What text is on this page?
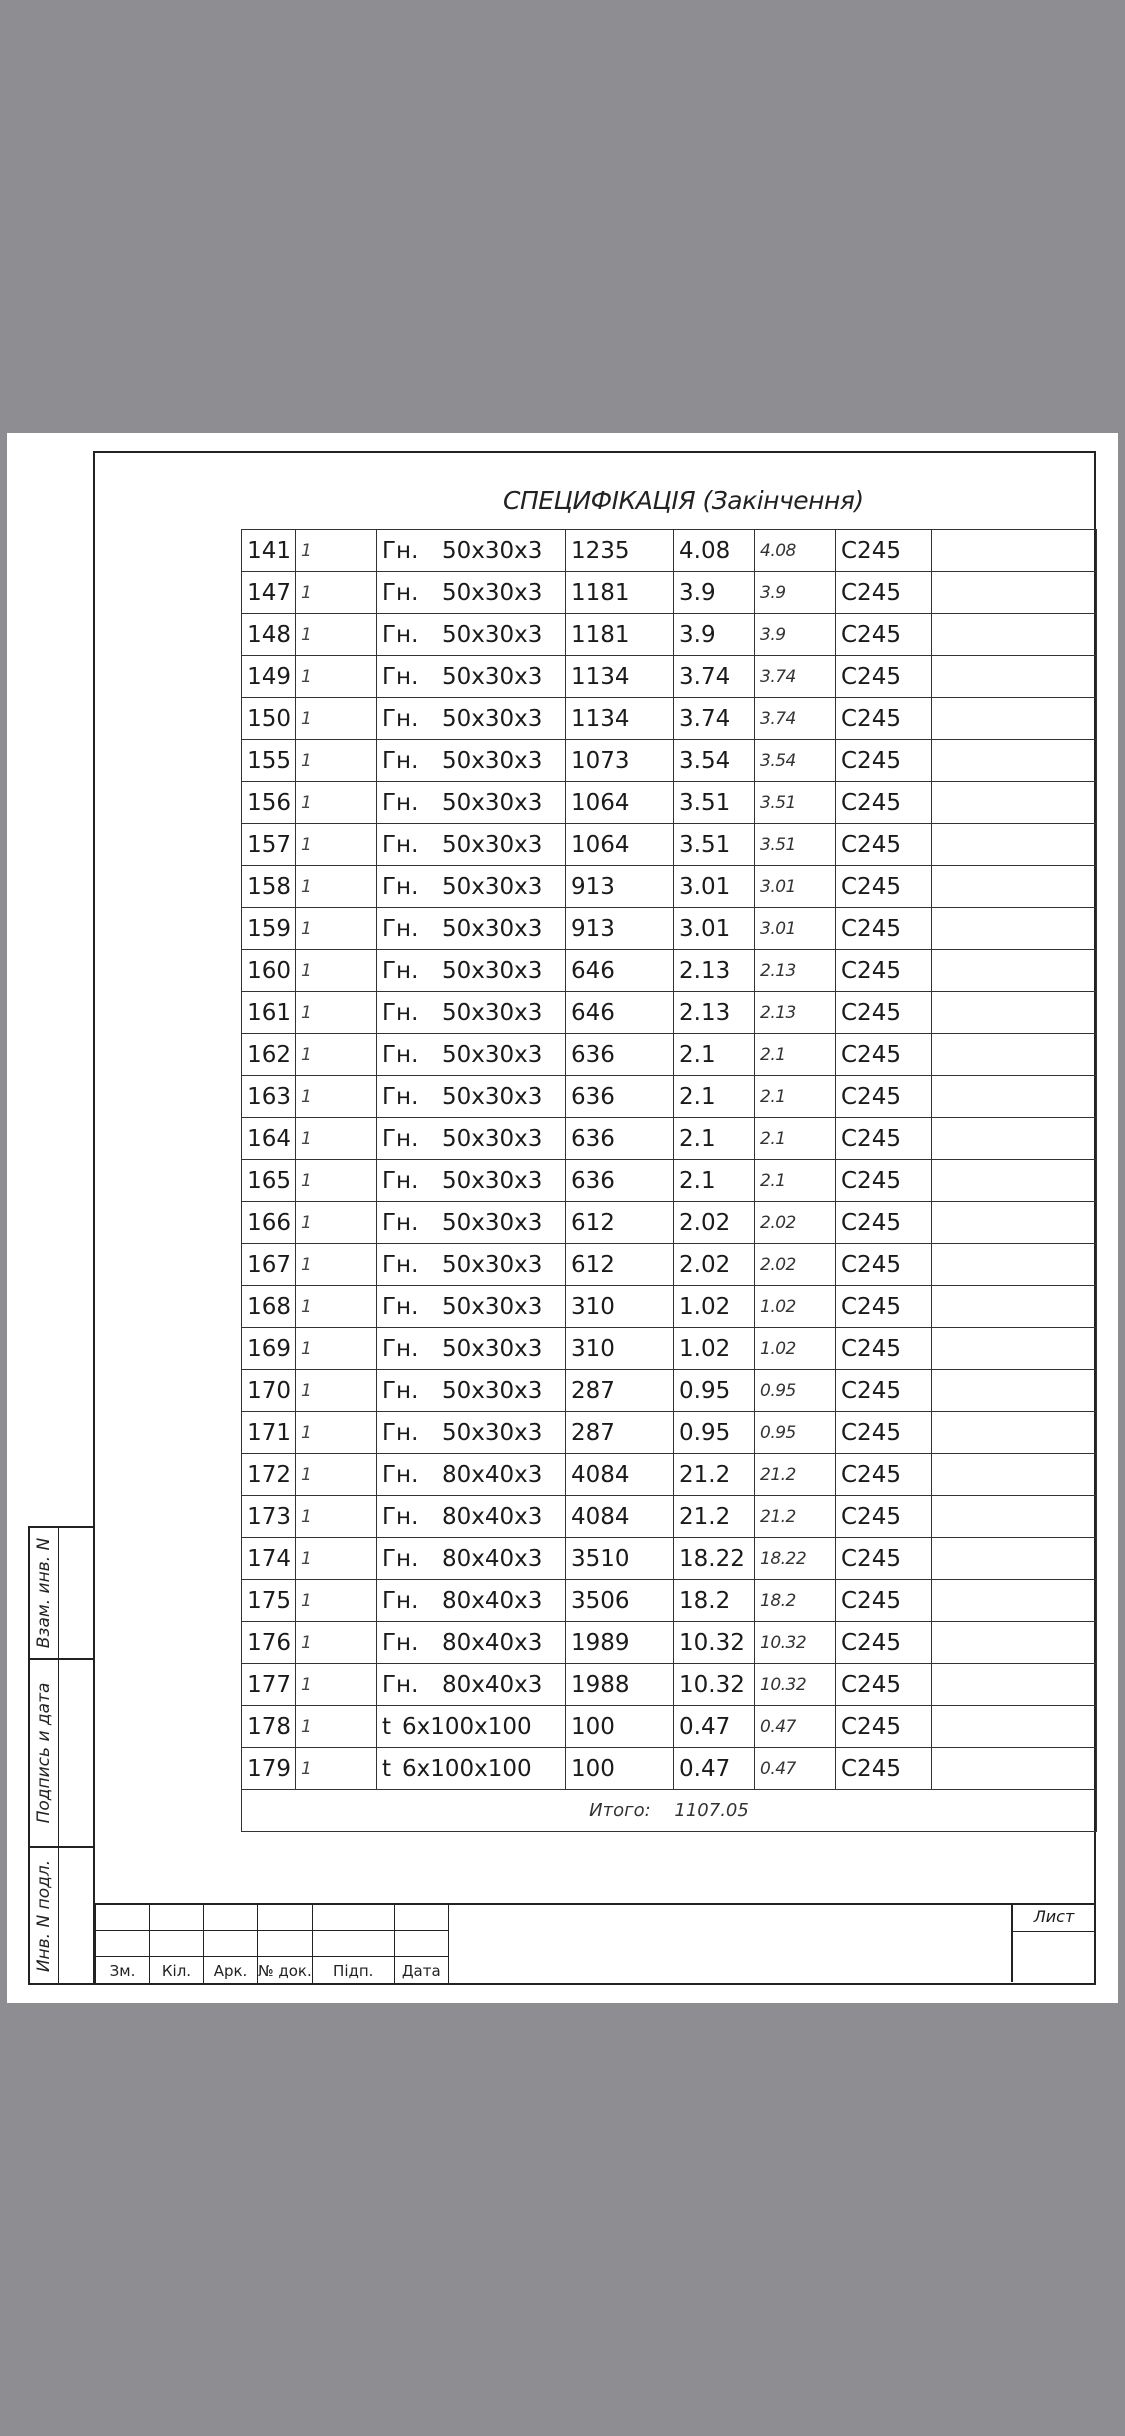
Взам. инв. N
Подпись и дата
Инв. N подл.
СПЕЦИФІКАЦІЯ (Закінчення)
141	1	Гн. 50x30x3	1235	4.08	4.08	С245	
147	1	Гн. 50x30x3	1181	3.9	3.9	С245	
148	1	Гн. 50x30x3	1181	3.9	3.9	С245	
149	1	Гн. 50x30x3	1134	3.74	3.74	С245	
150	1	Гн. 50x30x3	1134	3.74	3.74	С245	
155	1	Гн. 50x30x3	1073	3.54	3.54	С245	
156	1	Гн. 50x30x3	1064	3.51	3.51	С245	
157	1	Гн. 50x30x3	1064	3.51	3.51	С245	
158	1	Гн. 50x30x3	913	3.01	3.01	С245	
159	1	Гн. 50x30x3	913	3.01	3.01	С245	
160	1	Гн. 50x30x3	646	2.13	2.13	С245	
161	1	Гн. 50x30x3	646	2.13	2.13	С245	
162	1	Гн. 50x30x3	636	2.1	2.1	С245	
163	1	Гн. 50x30x3	636	2.1	2.1	С245	
164	1	Гн. 50x30x3	636	2.1	2.1	С245	
165	1	Гн. 50x30x3	636	2.1	2.1	С245	
166	1	Гн. 50x30x3	612	2.02	2.02	С245	
167	1	Гн. 50x30x3	612	2.02	2.02	С245	
168	1	Гн. 50x30x3	310	1.02	1.02	С245	
169	1	Гн. 50x30x3	310	1.02	1.02	С245	
170	1	Гн. 50x30x3	287	0.95	0.95	С245	
171	1	Гн. 50x30x3	287	0.95	0.95	С245	
172	1	Гн. 80x40x3	4084	21.2	21.2	С245	
173	1	Гн. 80x40x3	4084	21.2	21.2	С245	
174	1	Гн. 80x40x3	3510	18.22	18.22	С245	
175	1	Гн. 80x40x3	3506	18.2	18.2	С245	
176	1	Гн. 80x40x3	1989	10.32	10.32	С245	
177	1	Гн. 80x40x3	1988	10.32	10.32	С245	
178	1	t 6x100x100	100	0.47	0.47	С245	
179	1	t 6x100x100	100	0.47	0.47	С245	
Итого: 1107.05							

Зм.	Кіл.	Арк.	№ док.	Підп.	Дата
Лист
